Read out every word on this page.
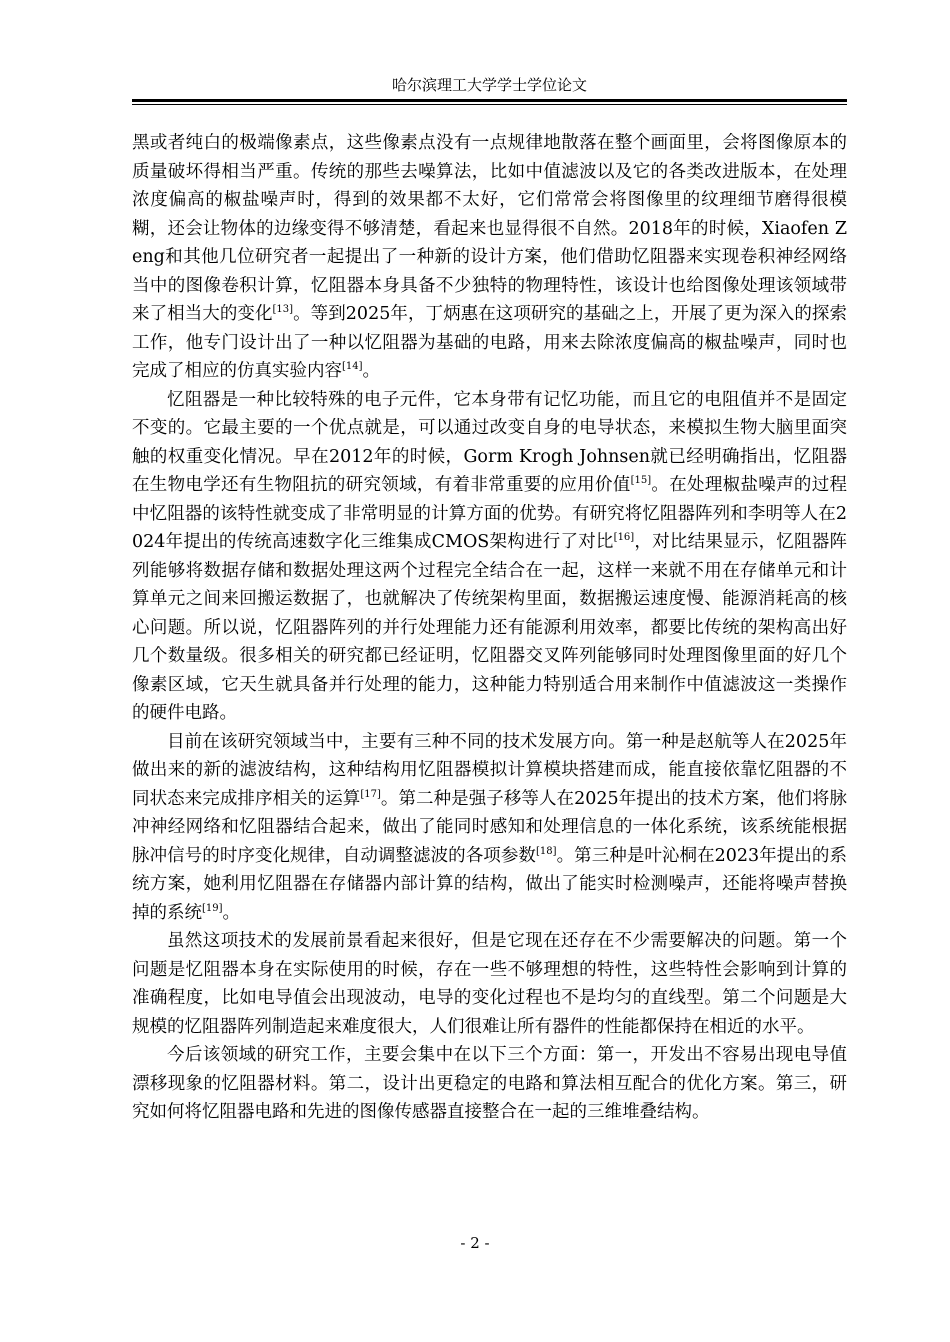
哈尔滨理工大学学士学位论文

黑或者纯白的极端像素点，这些像素点没有一点规律地散落在整个画面里，会将图像原本的质量破坏得相当严重。传统的那些去噪算法，比如中值滤波以及它的各类改进版本，在处理浓度偏高的椒盐噪声时，得到的效果都不太好，它们常常会将图像里的纹理细节磨得很模糊，还会让物体的边缘变得不够清楚，看起来也显得很不自然。2018年的时候，Xiaofen Zeng和其他几位研究者一起提出了一种新的设计方案，他们借助忆阻器来实现卷积神经网络当中的图像卷积计算，忆阻器本身具备不少独特的物理特性，该设计也给图像处理该领域带来了相当大的变化[13]。等到2025年，丁炳惠在这项研究的基础之上，开展了更为深入的探索工作，他专门设计出了一种以忆阻器为基础的电路，用来去除浓度偏高的椒盐噪声，同时也完成了相应的仿真实验内容[14]。

忆阻器是一种比较特殊的电子元件，它本身带有记忆功能，而且它的电阻值并不是固定不变的。它最主要的一个优点就是，可以通过改变自身的电导状态，来模拟生物大脑里面突触的权重变化情况。早在2012年的时候，Gorm Krogh Johnsen就已经明确指出，忆阻器在生物电学还有生物阻抗的研究领域，有着非常重要的应用价值[15]。在处理椒盐噪声的过程中忆阻器的该特性就变成了非常明显的计算方面的优势。有研究将忆阻器阵列和李明等人在2024年提出的传统高速数字化三维集成CMOS架构进行了对比[16]，对比结果显示，忆阻器阵列能够将数据存储和数据处理这两个过程完全结合在一起，这样一来就不用在存储单元和计算单元之间来回搬运数据了，也就解决了传统架构里面，数据搬运速度慢、能源消耗高的核心问题。所以说，忆阻器阵列的并行处理能力还有能源利用效率，都要比传统的架构高出好几个数量级。很多相关的研究都已经证明，忆阻器交叉阵列能够同时处理图像里面的好几个像素区域，它天生就具备并行处理的能力，这种能力特别适合用来制作中值滤波这一类操作的硬件电路。

目前在该研究领域当中，主要有三种不同的技术发展方向。第一种是赵航等人在2025年做出来的新的滤波结构，这种结构用忆阻器模拟计算模块搭建而成，能直接依靠忆阻器的不同状态来完成排序相关的运算[17]。第二种是强子移等人在2025年提出的技术方案，他们将脉冲神经网络和忆阻器结合起来，做出了能同时感知和处理信息的一体化系统，该系统能根据脉冲信号的时序变化规律，自动调整滤波的各项参数[18]。第三种是叶沁桐在2023年提出的系统方案，她利用忆阻器在存储器内部计算的结构，做出了能实时检测噪声，还能将噪声替换掉的系统[19]。

虽然这项技术的发展前景看起来很好，但是它现在还存在不少需要解决的问题。第一个问题是忆阻器本身在实际使用的时候，存在一些不够理想的特性，这些特性会影响到计算的准确程度，比如电导值会出现波动，电导的变化过程也不是均匀的直线型。第二个问题是大规模的忆阻器阵列制造起来难度很大，人们很难让所有器件的性能都保持在相近的水平。

今后该领域的研究工作，主要会集中在以下三个方面：第一，开发出不容易出现电导值漂移现象的忆阻器材料。第二，设计出更稳定的电路和算法相互配合的优化方案。第三，研究如何将忆阻器电路和先进的图像传感器直接整合在一起的三维堆叠结构。

- 2 -
